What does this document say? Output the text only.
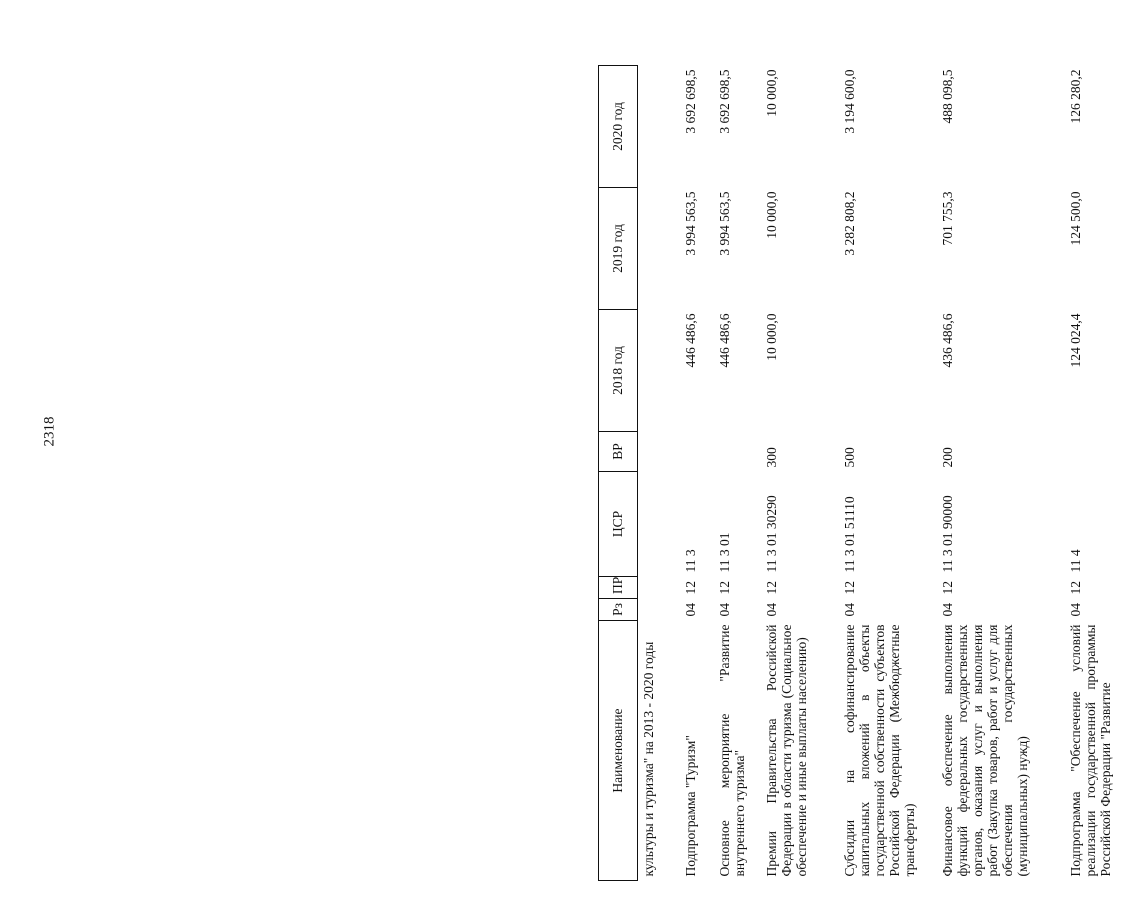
2318
Наименование	Рз	ПР	ЦСР	ВР	2018 год	2019 год	2020 год
культуры и туризма" на 2013 - 2020 годы							
Подпрограмма "Туризм"	04	12	11 3		446 486,6	3 994 563,5	3 692 698,5
Основное мероприятие "Развитие внутреннего туризма"	04	12	11 3 01		446 486,6	3 994 563,5	3 692 698,5
Премии Правительства Российской Федерации в области туризма (Социальное обеспечение и иные выплаты населению)	04	12	11 3 01 30290	300	10 000,0	10 000,0	10 000,0
Субсидии на софинансирование капитальных вложений в объекты государственной собственности субъектов Российской Федерации (Межбюджетные трансферты)	04	12	11 3 01 51110	500		3 282 808,2	3 194 600,0
Финансовое обеспечение выполнения функций федеральных государственных органов, оказания услуг и выполнения работ (Закупка товаров, работ и услуг для обеспечения государственных (муниципальных) нужд)	04	12	11 3 01 90000	200	436 486,6	701 755,3	488 098,5
Подпрограмма "Обеспечение условий реализации государственной программы Российской Федерации "Развитие	04	12	11 4		124 024,4	124 500,0	126 280,2
